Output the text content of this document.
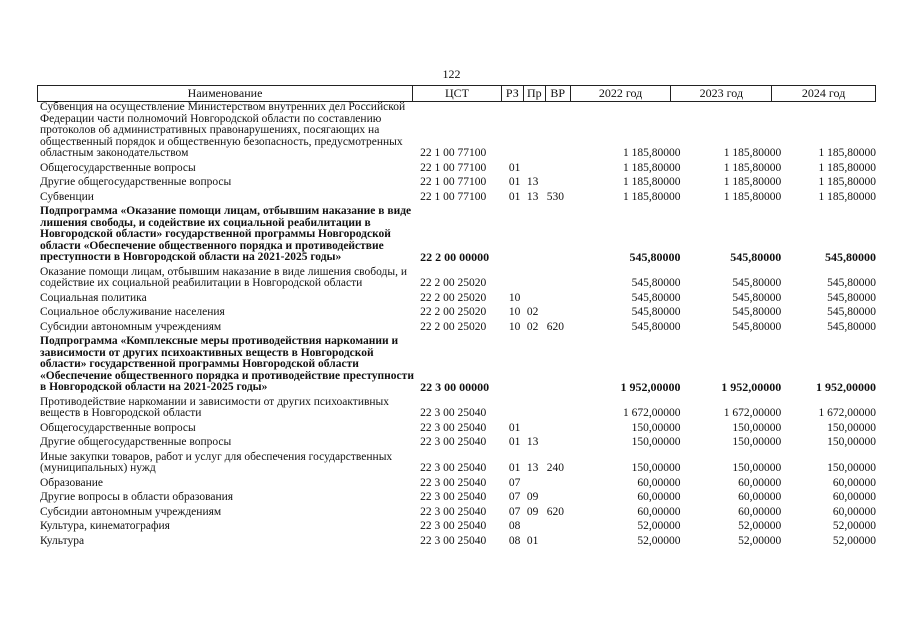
122
Наименование	ЦСТ	РЗ Пр ВР	2022 год	2023 год	2024 год
Субвенция на осуществление Министерством внутренних дел Российской Федерации части полномочий Новгородской области по составлению протоколов об административных правонарушениях, посягающих на общественный порядок и общественную безопасность, предусмотренных областным законодательством	22 1 00 77100	1 185,80000	1 185,80000	1 185,80000
Общегосударственные вопросы	22 1 00 77100	01	1 185,80000	1 185,80000	1 185,80000
Другие общегосударственные вопросы	22 1 00 77100	01 13	1 185,80000	1 185,80000	1 185,80000
Субвенции	22 1 00 77100	01 13 530	1 185,80000	1 185,80000	1 185,80000
Подпрограмма «Оказание помощи лицам, отбывшим наказание в виде лишения свободы, и содействие их социальной реабилитации в Новгородской области» государственной программы Новгородской области «Обеспечение общественного порядка и противодействие преступности в Новгородской области на 2021-2025 годы»	22 2 00 00000	545,80000	545,80000	545,80000
Оказание помощи лицам, отбывшим наказание в виде лишения свободы, и содействие их социальной реабилитации в Новгородской области	22 2 00 25020	545,80000	545,80000	545,80000
Социальная политика	22 2 00 25020	10	545,80000	545,80000	545,80000
Социальное обслуживание населения	22 2 00 25020	10 02	545,80000	545,80000	545,80000
Субсидии автономным учреждениям	22 2 00 25020	10 02 620	545,80000	545,80000	545,80000
Подпрограмма «Комплексные меры противодействия наркомании и зависимости от других психоактивных веществ в Новгородской области» государственной программы Новгородской области «Обеспечение общественного порядка и противодействие преступности в Новгородской области на 2021-2025 годы»	22 3 00 00000	1 952,00000	1 952,00000	1 952,00000
Противодействие наркомании и зависимости от других психоактивных веществ в Новгородской области	22 3 00 25040	1 672,00000	1 672,00000	1 672,00000
Общегосударственные вопросы	22 3 00 25040	01	150,00000	150,00000	150,00000
Другие общегосударственные вопросы	22 3 00 25040	01 13	150,00000	150,00000	150,00000
Иные закупки товаров, работ и услуг для обеспечения государственных (муниципальных) нужд	22 3 00 25040	01 13 240	150,00000	150,00000	150,00000
Образование	22 3 00 25040	07	60,00000	60,00000	60,00000
Другие вопросы в области образования	22 3 00 25040	07 09	60,00000	60,00000	60,00000
Субсидии автономным учреждениям	22 3 00 25040	07 09 620	60,00000	60,00000	60,00000
Культура, кинематография	22 3 00 25040	08	52,00000	52,00000	52,00000
Культура	22 3 00 25040	08 01	52,00000	52,00000	52,00000
